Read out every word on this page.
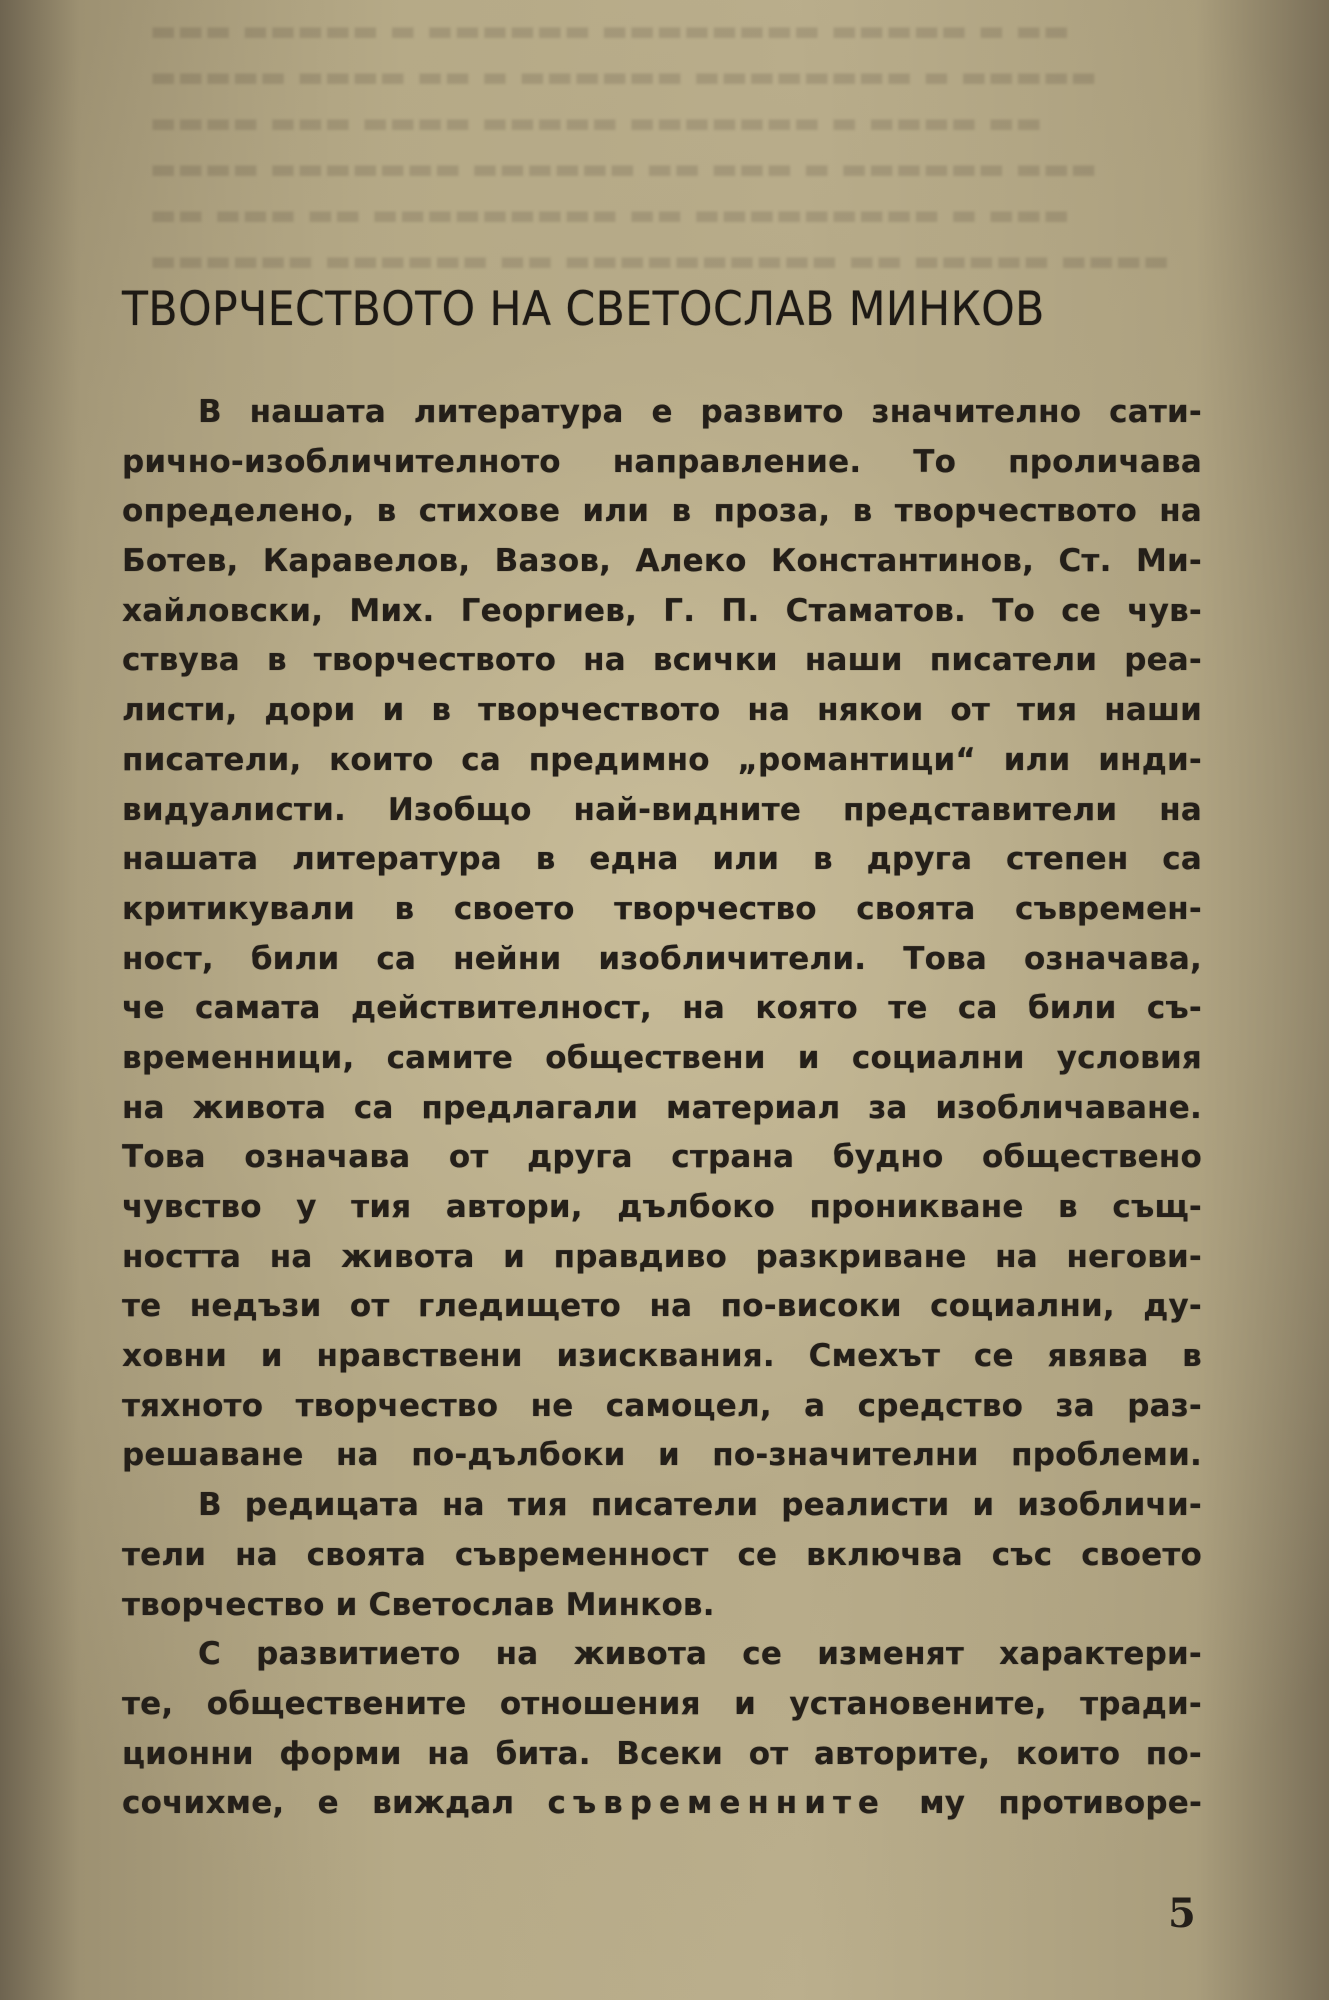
▬▬▬ ▬▬▬▬▬ ▬ ▬▬▬▬▬▬ ▬▬▬▬▬▬▬▬ ▬▬▬▬▬ ▬ ▬▬
▬▬▬▬▬ ▬▬▬▬ ▬▬ ▬ ▬▬▬▬▬▬ ▬▬▬▬▬▬▬▬ ▬ ▬▬▬▬▬
▬▬▬▬ ▬▬▬ ▬▬▬▬ ▬▬▬▬▬ ▬▬▬▬▬▬▬ ▬ ▬▬▬▬ ▬▬
▬▬▬▬ ▬▬▬▬▬▬▬ ▬▬▬▬▬▬ ▬▬ ▬▬▬ ▬ ▬▬▬▬▬▬ ▬▬▬
▬▬ ▬▬▬ ▬▬ ▬▬▬▬▬▬▬▬▬ ▬▬ ▬▬▬▬▬▬▬▬▬ ▬ ▬▬▬
▬▬▬▬▬▬ ▬▬▬▬▬▬ ▬▬ ▬▬▬▬▬▬▬▬▬▬ ▬▬ ▬▬▬▬▬ ▬▬▬▬
ТВОРЧЕСТВОТО НА СВЕТОСЛАВ МИНКОВ
В нашата литература е развито значително сати-
рично-изобличителното направление. То проличава
определено, в стихове или в проза, в творчеството на
Ботев, Каравелов, Вазов, Алеко Константинов, Ст. Ми-
хайловски, Мих. Георгиев, Г. П. Стаматов. То се чув-
ствува в творчеството на всички наши писатели реа-
листи, дори и в творчеството на някои от тия наши
писатели, които са предимно „романтици“ или инди-
видуалисти. Изобщо най-видните представители на
нашата литература в една или в друга степен са
критикували в своето творчество своята съвремен-
ност, били са нейни изобличители. Това означава,
че самата действителност, на която те са били съ-
временници, самите обществени и социални условия
на живота са предлагали материал за изобличаване.
Това означава от друга страна будно обществено
чувство у тия автори, дълбоко проникване в същ-
ността на живота и правдиво разкриване на негови-
те недъзи от гледището на по-високи социални, ду-
ховни и нравствени изисквания. Смехът се явява в
тяхното творчество не самоцел, а средство за раз-
решаване на по-дълбоки и по-значителни проблеми.
В редицата на тия писатели реалисти и изобличи-
тели на своята съвременност се включва със своето
творчество и Светослав Минков.
С развитието на живота се изменят характери-
те, обществените отношения и установените, тради-
ционни форми на бита. Всеки от авторите, които по-
сочихме, е виждал съвременните му противоре-
5
